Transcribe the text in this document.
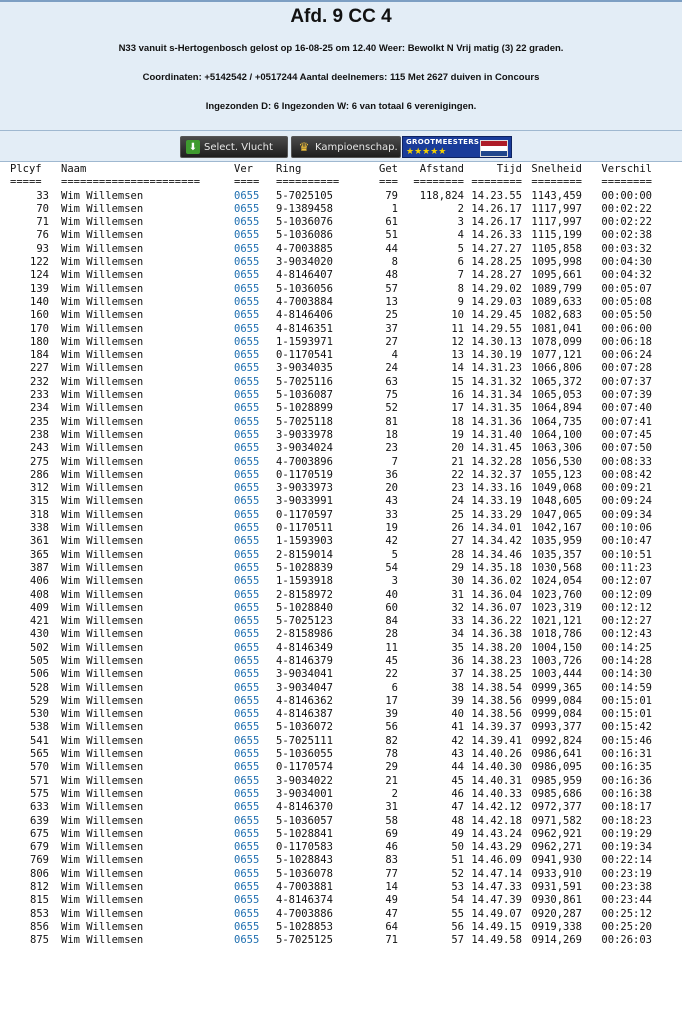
Afd. 9 CC 4
N33 vanuit s-Hertogenbosch gelost op 16-08-25 om 12.40 Weer: Bewolkt N Vrij matig (3) 22 graden.
Coordinaten: +5142542 / +0517244 Aantal deelnemers: 115 Met 2627 duiven in Concours
Ingezonden D: 6 Ingezonden W: 6 van totaal 6 verenigingen.
⬇ Select. Vlucht ♛ Kampioenschap. GROOTMEESTERS
★★★★★
Plcyf	Naam	Ver	Ring	Get	Afstand	Tijd	Snelheid	Verschil
=====	======================	====	==========	===	========	========	========	========
33	Wim Willemsen	0655	5-7025105	79	118,824	14.23.55	1143,459	00:00:00
70	Wim Willemsen	0655	9-1389458	1	2	14.26.17	1117,997	00:02:22
71	Wim Willemsen	0655	5-1036076	61	3	14.26.17	1117,997	00:02:22
76	Wim Willemsen	0655	5-1036086	51	4	14.26.33	1115,199	00:02:38
93	Wim Willemsen	0655	4-7003885	44	5	14.27.27	1105,858	00:03:32
122	Wim Willemsen	0655	3-9034020	8	6	14.28.25	1095,998	00:04:30
124	Wim Willemsen	0655	4-8146407	48	7	14.28.27	1095,661	00:04:32
139	Wim Willemsen	0655	5-1036056	57	8	14.29.02	1089,799	00:05:07
140	Wim Willemsen	0655	4-7003884	13	9	14.29.03	1089,633	00:05:08
160	Wim Willemsen	0655	4-8146406	25	10	14.29.45	1082,683	00:05:50
170	Wim Willemsen	0655	4-8146351	37	11	14.29.55	1081,041	00:06:00
180	Wim Willemsen	0655	1-1593971	27	12	14.30.13	1078,099	00:06:18
184	Wim Willemsen	0655	0-1170541	4	13	14.30.19	1077,121	00:06:24
227	Wim Willemsen	0655	3-9034035	24	14	14.31.23	1066,806	00:07:28
232	Wim Willemsen	0655	5-7025116	63	15	14.31.32	1065,372	00:07:37
233	Wim Willemsen	0655	5-1036087	75	16	14.31.34	1065,053	00:07:39
234	Wim Willemsen	0655	5-1028899	52	17	14.31.35	1064,894	00:07:40
235	Wim Willemsen	0655	5-7025118	81	18	14.31.36	1064,735	00:07:41
238	Wim Willemsen	0655	3-9033978	18	19	14.31.40	1064,100	00:07:45
243	Wim Willemsen	0655	3-9034024	23	20	14.31.45	1063,306	00:07:50
275	Wim Willemsen	0655	4-7003896	7	21	14.32.28	1056,530	00:08:33
286	Wim Willemsen	0655	0-1170519	36	22	14.32.37	1055,123	00:08:42
312	Wim Willemsen	0655	3-9033973	20	23	14.33.16	1049,068	00:09:21
315	Wim Willemsen	0655	3-9033991	43	24	14.33.19	1048,605	00:09:24
318	Wim Willemsen	0655	0-1170597	33	25	14.33.29	1047,065	00:09:34
338	Wim Willemsen	0655	0-1170511	19	26	14.34.01	1042,167	00:10:06
361	Wim Willemsen	0655	1-1593903	42	27	14.34.42	1035,959	00:10:47
365	Wim Willemsen	0655	2-8159014	5	28	14.34.46	1035,357	00:10:51
387	Wim Willemsen	0655	5-1028839	54	29	14.35.18	1030,568	00:11:23
406	Wim Willemsen	0655	1-1593918	3	30	14.36.02	1024,054	00:12:07
408	Wim Willemsen	0655	2-8158972	40	31	14.36.04	1023,760	00:12:09
409	Wim Willemsen	0655	5-1028840	60	32	14.36.07	1023,319	00:12:12
421	Wim Willemsen	0655	5-7025123	84	33	14.36.22	1021,121	00:12:27
430	Wim Willemsen	0655	2-8158986	28	34	14.36.38	1018,786	00:12:43
502	Wim Willemsen	0655	4-8146349	11	35	14.38.20	1004,150	00:14:25
505	Wim Willemsen	0655	4-8146379	45	36	14.38.23	1003,726	00:14:28
506	Wim Willemsen	0655	3-9034041	22	37	14.38.25	1003,444	00:14:30
528	Wim Willemsen	0655	3-9034047	6	38	14.38.54	0999,365	00:14:59
529	Wim Willemsen	0655	4-8146362	17	39	14.38.56	0999,084	00:15:01
530	Wim Willemsen	0655	4-8146387	39	40	14.38.56	0999,084	00:15:01
538	Wim Willemsen	0655	5-1036072	56	41	14.39.37	0993,377	00:15:42
541	Wim Willemsen	0655	5-7025111	82	42	14.39.41	0992,824	00:15:46
565	Wim Willemsen	0655	5-1036055	78	43	14.40.26	0986,641	00:16:31
570	Wim Willemsen	0655	0-1170574	29	44	14.40.30	0986,095	00:16:35
571	Wim Willemsen	0655	3-9034022	21	45	14.40.31	0985,959	00:16:36
575	Wim Willemsen	0655	3-9034001	2	46	14.40.33	0985,686	00:16:38
633	Wim Willemsen	0655	4-8146370	31	47	14.42.12	0972,377	00:18:17
639	Wim Willemsen	0655	5-1036057	58	48	14.42.18	0971,582	00:18:23
675	Wim Willemsen	0655	5-1028841	69	49	14.43.24	0962,921	00:19:29
679	Wim Willemsen	0655	0-1170583	46	50	14.43.29	0962,271	00:19:34
769	Wim Willemsen	0655	5-1028843	83	51	14.46.09	0941,930	00:22:14
806	Wim Willemsen	0655	5-1036078	77	52	14.47.14	0933,910	00:23:19
812	Wim Willemsen	0655	4-7003881	14	53	14.47.33	0931,591	00:23:38
815	Wim Willemsen	0655	4-8146374	49	54	14.47.39	0930,861	00:23:44
853	Wim Willemsen	0655	4-7003886	47	55	14.49.07	0920,287	00:25:12
856	Wim Willemsen	0655	5-1028853	64	56	14.49.15	0919,338	00:25:20
875	Wim Willemsen	0655	5-7025125	71	57	14.49.58	0914,269	00:26:03
